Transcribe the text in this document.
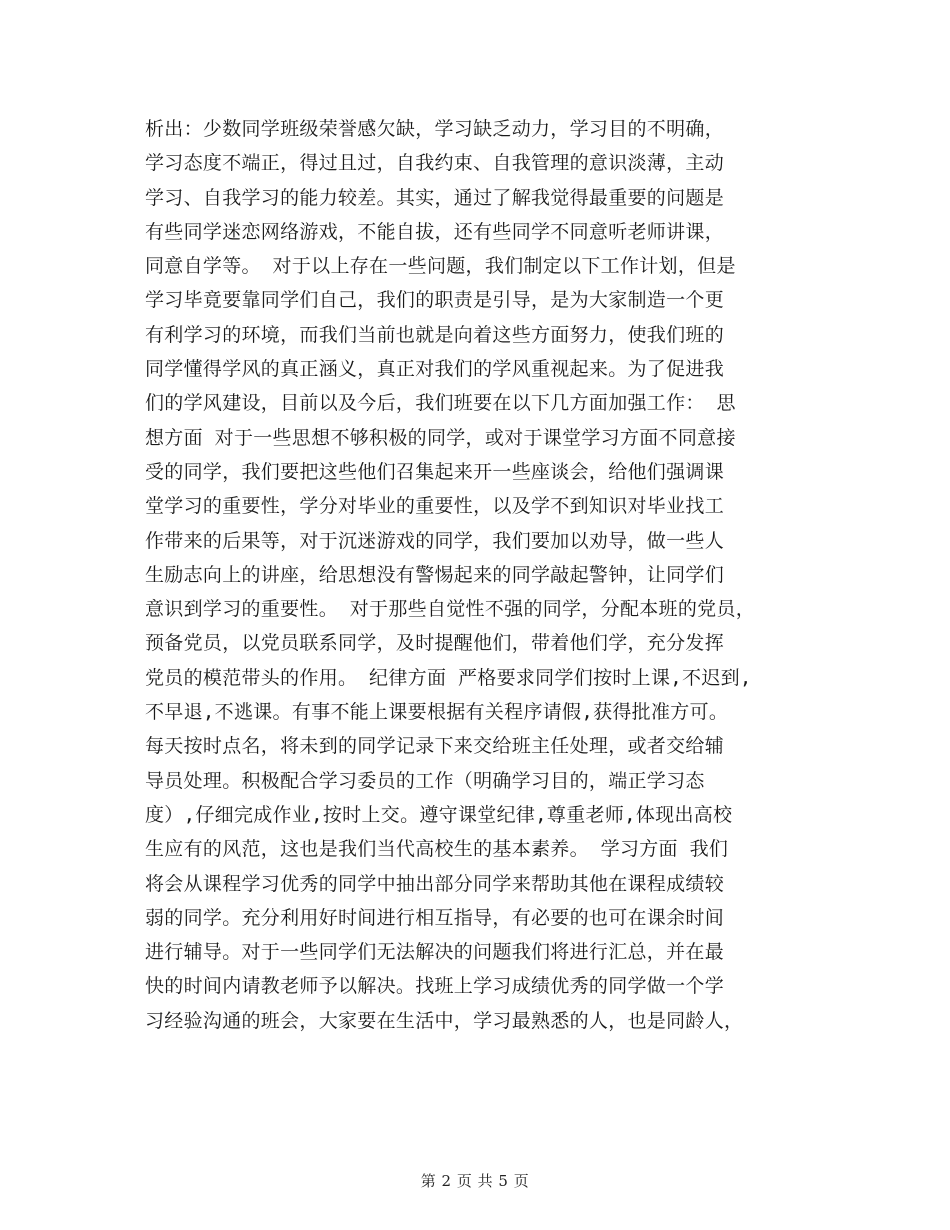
析出：少数同学班级荣誉感欠缺，学习缺乏动力，学习目的不明确，
学习态度不端正，得过且过，自我约束、自我管理的意识淡薄，主动
学习、自我学习的能力较差。其实，通过了解我觉得最重要的问题是
有些同学迷恋网络游戏，不能自拔，还有些同学不同意听老师讲课，
同意自学等。 对于以上存在一些问题，我们制定以下工作计划，但是
学习毕竟要靠同学们自己，我们的职责是引导，是为大家制造一个更
有利学习的环境，而我们当前也就是向着这些方面努力，使我们班的
同学懂得学风的真正涵义，真正对我们的学风重视起来。为了促进我
们的学风建设，目前以及今后，我们班要在以下几方面加强工作： 思
想方面 对于一些思想不够积极的同学，或对于课堂学习方面不同意接
受的同学，我们要把这些他们召集起来开一些座谈会，给他们强调课
堂学习的重要性，学分对毕业的重要性，以及学不到知识对毕业找工
作带来的后果等，对于沉迷游戏的同学，我们要加以劝导，做一些人
生励志向上的讲座，给思想没有警惕起来的同学敲起警钟，让同学们
意识到学习的重要性。 对于那些自觉性不强的同学，分配本班的党员，
预备党员，以党员联系同学，及时提醒他们，带着他们学，充分发挥
党员的模范带头的作用。 纪律方面 严格要求同学们按时上课,不迟到,
不早退,不逃课。有事不能上课要根据有关程序请假,获得批准方可。
每天按时点名，将未到的同学记录下来交给班主任处理，或者交给辅
导员处理。积极配合学习委员的工作（明确学习目的，端正学习态
度）,仔细完成作业,按时上交。遵守课堂纪律,尊重老师,体现出高校
生应有的风范，这也是我们当代高校生的基本素养。 学习方面 我们
将会从课程学习优秀的同学中抽出部分同学来帮助其他在课程成绩较
弱的同学。充分利用好时间进行相互指导，有必要的也可在课余时间
进行辅导。对于一些同学们无法解决的问题我们将进行汇总，并在最
快的时间内请教老师予以解决。找班上学习成绩优秀的同学做一个学
习经验沟通的班会，大家要在生活中，学习最熟悉的人，也是同龄人，
第 2 页 共 5 页
